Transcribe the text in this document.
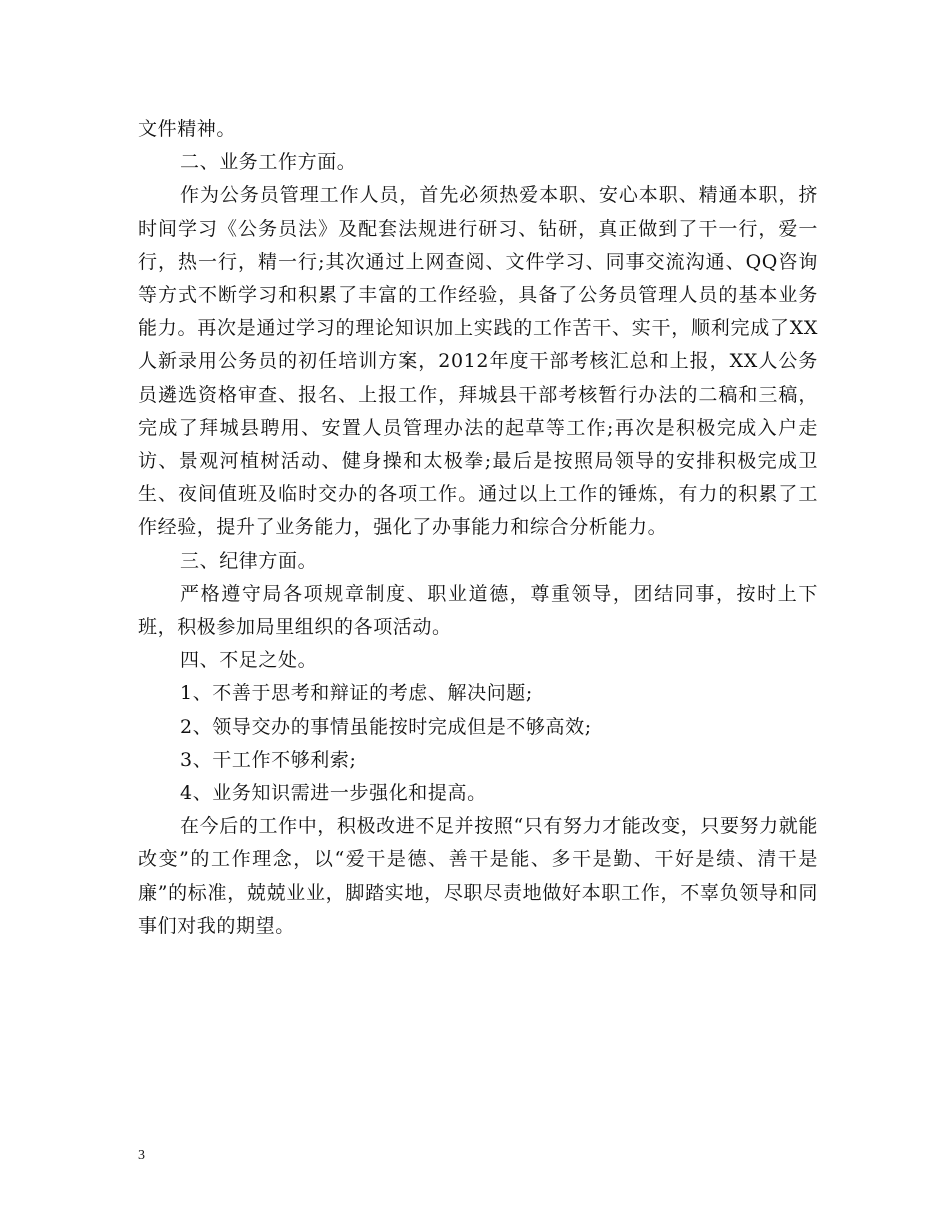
文件精神。

二、业务工作方面。

作为公务员管理工作人员，首先必须热爱本职、安心本职、精通本职，挤时间学习《公务员法》及配套法规进行研习、钻研，真正做到了干一行，爱一行，热一行，精一行;其次通过上网查阅、文件学习、同事交流沟通、QQ咨询等方式不断学习和积累了丰富的工作经验，具备了公务员管理人员的基本业务能力。再次是通过学习的理论知识加上实践的工作苦干、实干，顺利完成了XX人新录用公务员的初任培训方案，2012年度干部考核汇总和上报，XX人公务员遴选资格审查、报名、上报工作，拜城县干部考核暂行办法的二稿和三稿，完成了拜城县聘用、安置人员管理办法的起草等工作;再次是积极完成入户走访、景观河植树活动、健身操和太极拳;最后是按照局领导的安排积极完成卫生、夜间值班及临时交办的各项工作。通过以上工作的锤炼，有力的积累了工作经验，提升了业务能力，强化了办事能力和综合分析能力。

三、纪律方面。

严格遵守局各项规章制度、职业道德，尊重领导，团结同事，按时上下班，积极参加局里组织的各项活动。

四、不足之处。

1、不善于思考和辩证的考虑、解决问题;

2、领导交办的事情虽能按时完成但是不够高效;

3、干工作不够利索;

4、业务知识需进一步强化和提高。

在今后的工作中，积极改进不足并按照“只有努力才能改变，只要努力就能改变”的工作理念，以“爱干是德、善干是能、多干是勤、干好是绩、清干是廉”的标准，兢兢业业，脚踏实地，尽职尽责地做好本职工作，不辜负领导和同事们对我的期望。

3
